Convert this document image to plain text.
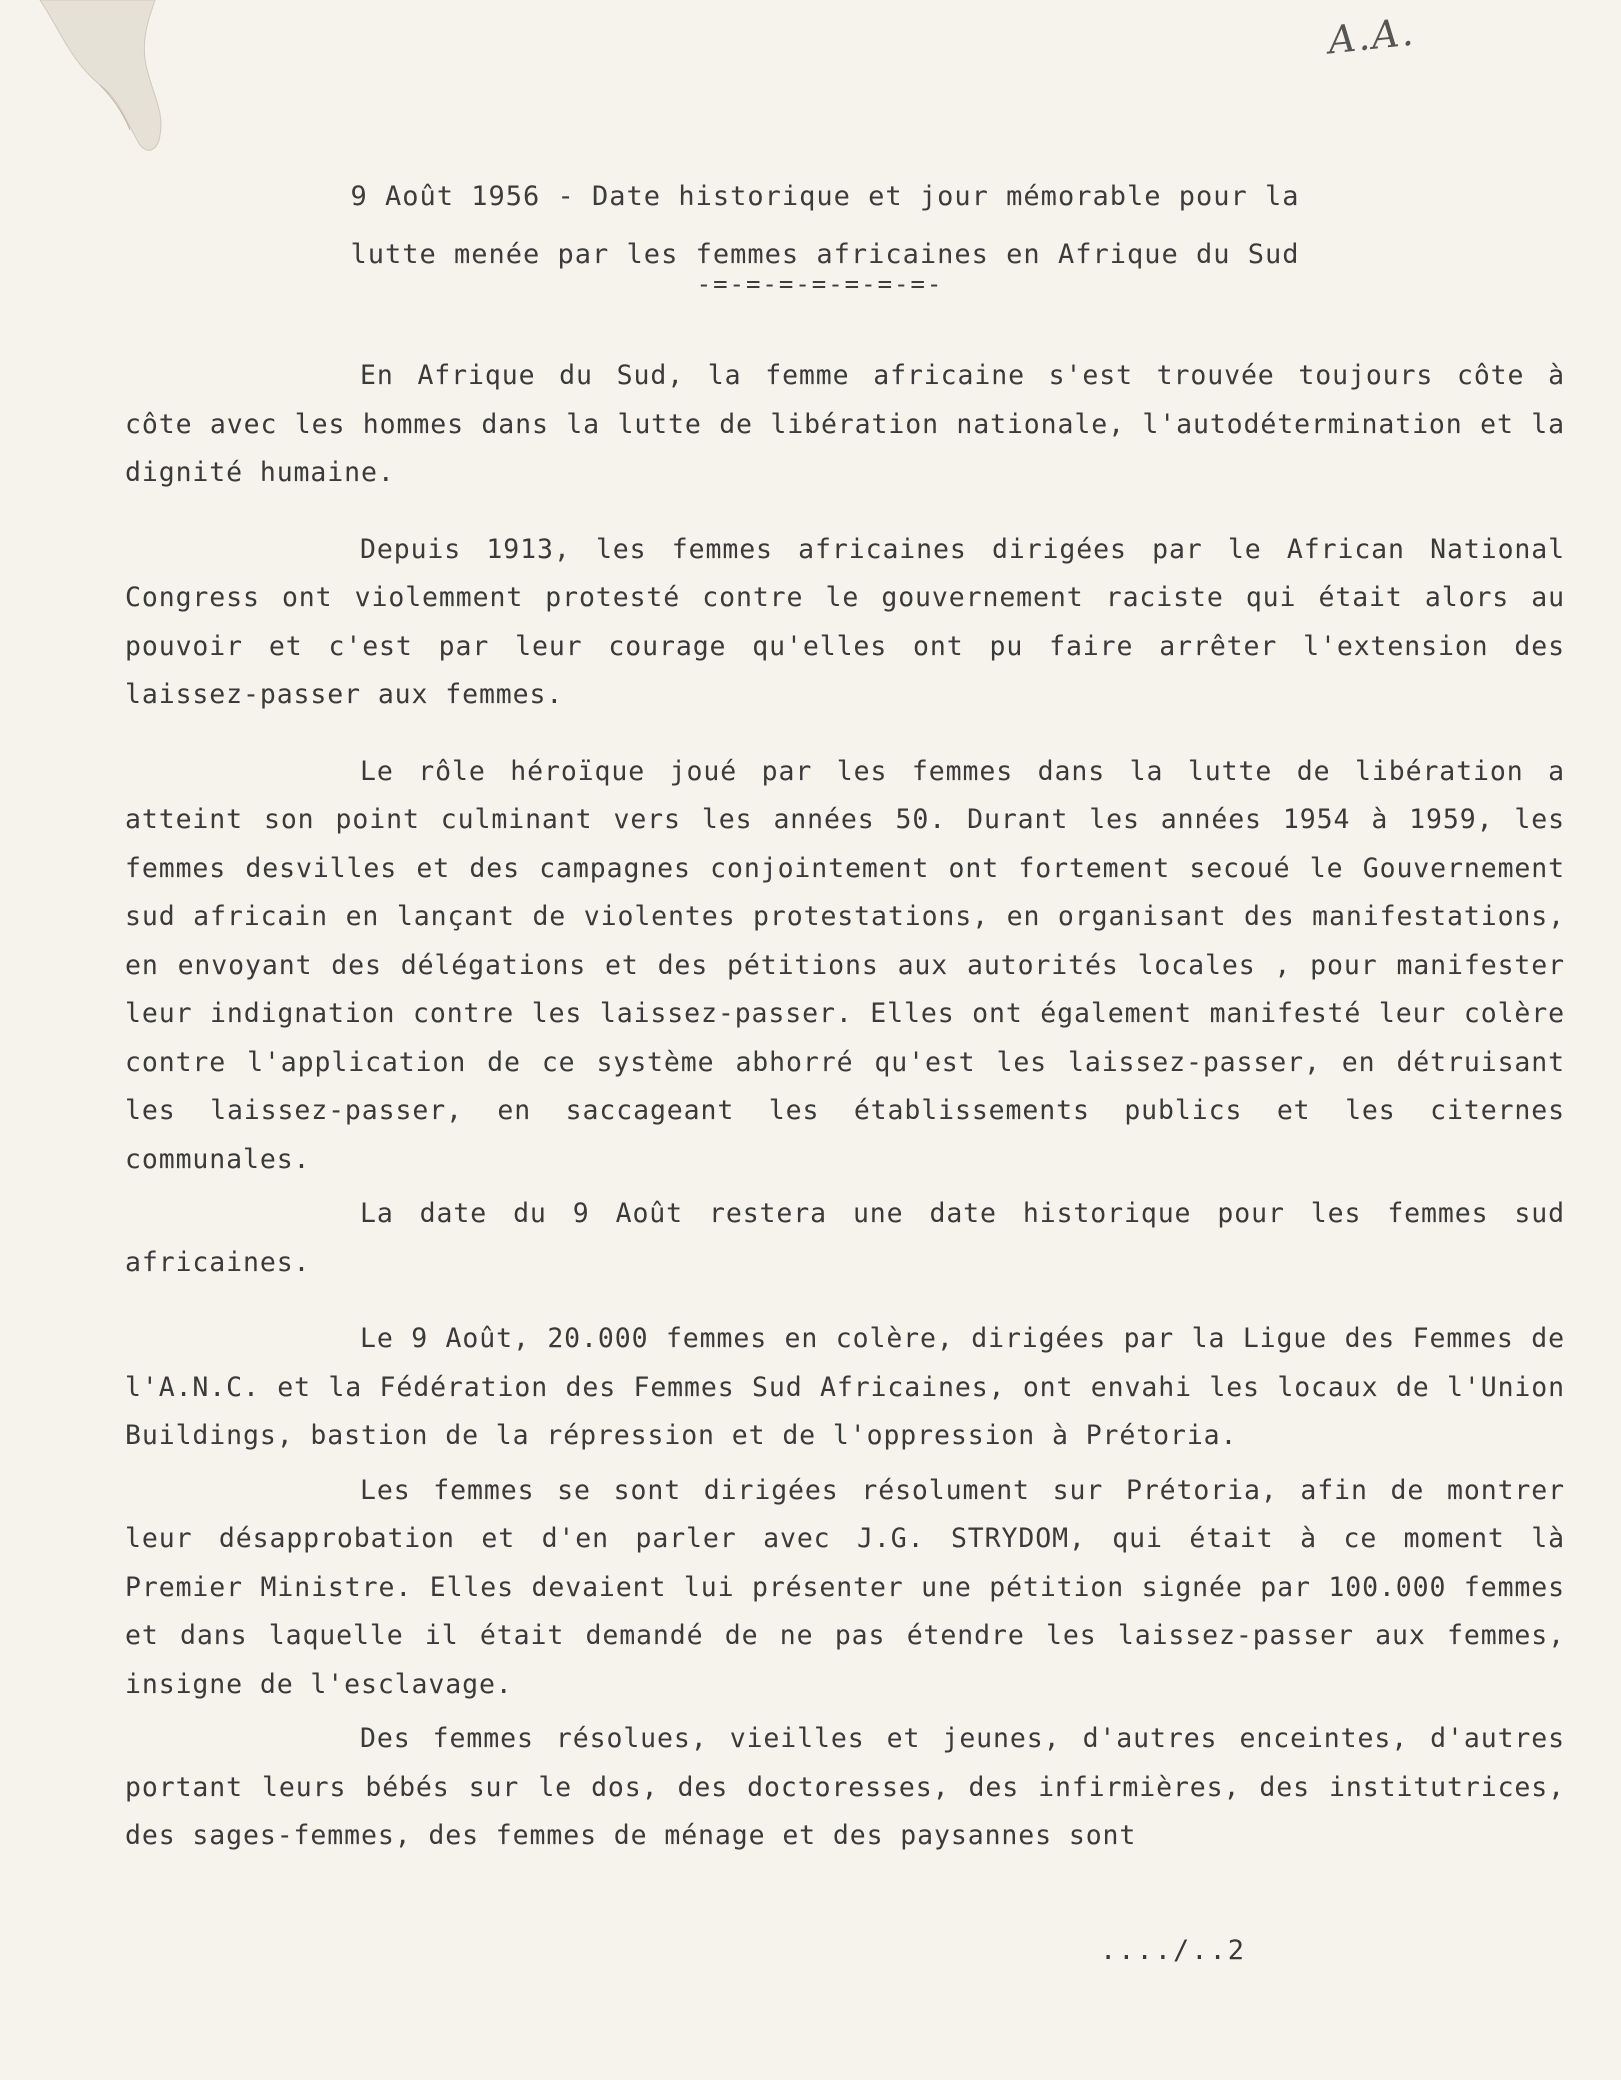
A.A.
9 Août 1956 - Date historique et jour mémorable pour la
lutte menée par les femmes africaines en Afrique du Sud
-=-=-=-=-=-=-=-

En Afrique du Sud, la femme africaine s'est trouvée toujours côte à côte avec les hommes dans la lutte de libération nationale, l'autodétermination et la dignité humaine.

Depuis 1913, les femmes africaines dirigées par le African National Congress ont violemment protesté contre le gouvernement raciste qui était alors au pouvoir et c'est par leur courage qu'elles ont pu faire arrêter l'extension des laissez-passer aux femmes.

Le rôle héroïque joué par les femmes dans la lutte de libération a atteint son point culminant vers les années 50. Durant les années 1954 à 1959, les femmes desvilles et des campagnes conjointement ont fortement secoué le Gouvernement sud africain en lançant de violentes protestations, en organisant des manifestations, en envoyant des délégations et des pétitions aux autorités locales , pour manifester leur indignation contre les laissez-passer. Elles ont également manifesté leur colère contre l'application de ce système abhorré qu'est les laissez-passer, en détruisant les laissez-passer, en saccageant les établissements publics et les citernes communales.

La date du 9 Août restera une date historique pour les femmes sud africaines.

Le 9 Août, 20.000 femmes en colère, dirigées par la Ligue des Femmes de l'A.N.C. et la Fédération des Femmes Sud Africaines, ont envahi les locaux de l'Union Buildings, bastion de la répression et de l'oppression à Prétoria.

Les femmes se sont dirigées résolument sur Prétoria, afin de montrer leur désapprobation et d'en parler avec J.G. STRYDOM, qui était à ce moment là Premier Ministre. Elles devaient lui présenter une pétition signée par 100.000 femmes et dans laquelle il était demandé de ne pas étendre les laissez-passer aux femmes, insigne de l'esclavage.

Des femmes résolues, vieilles et jeunes, d'autres enceintes, d'autres portant leurs bébés sur le dos, des doctoresses, des infirmières, des institutrices, des sages-femmes, des femmes de ménage et des paysannes sont

..../..2
